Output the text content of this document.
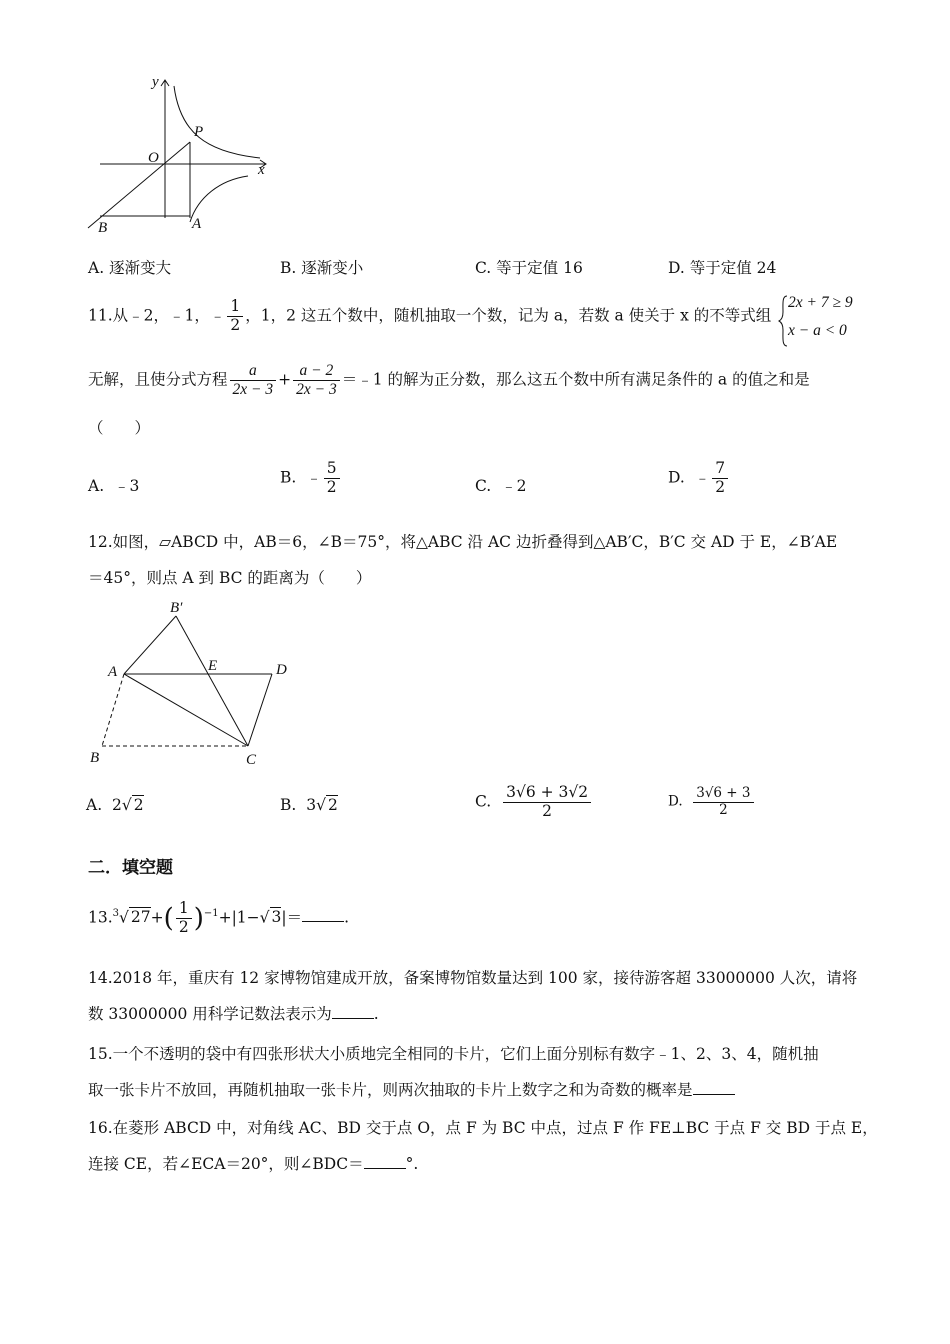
y
x
O
P
A
B
A. 逐渐变大	B. 逐渐变小	C. 等于定值 16	D. 等于定值 24
11.从﹣2，﹣1，﹣ $\frac{1}{2}$ ，1，2 这五个数中，随机抽取一个数，记为 a，若数 a 使关于 x 的不等式组
2x + 7 ≥ 9
x − a < 0
无解，且使分式方程 $\frac{a}{2x - 3} + \frac{a - 2}{2x - 3}$ ＝﹣1 的解为正分数，那么这五个数中所有满足条件的 a 的值之和是
（　　）
A. ﹣3	B. ﹣ $\frac{5}{2}$	C. ﹣2	D. ﹣ $\frac{7}{2}$
12.如图，▱ABCD 中，AB＝6，∠B＝75°，将△ABC 沿 AC 边折叠得到△AB′C，B′C 交 AD 于 E，∠B′AE
＝45°，则点 A 到 BC 的距离为（　　）
B′
A	E	D
B	C
A. 2√ 2	B. 3√ 2	C. $\frac{3√6 + 3√2}{2}$	D. $\frac{3√6 + 3}{2}$
二．填空题
13.$^3$√ $27+( \frac{1}{2} )^{-1}+|1-√$ 3|＝	.
14.2018 年，重庆有 12 家博物馆建成开放，备案博物馆数量达到 100 家，接待游客超 33000000 人次，请将
数 33000000 用科学记数法表示为	.
15.一个不透明的袋中有四张形状大小质地完全相同的卡片，它们上面分别标有数字﹣1、2、3、4，随机抽
取一张卡片不放回，再随机抽取一张卡片，则两次抽取的卡片上数字之和为奇数的概率是
16.在菱形 ABCD 中，对角线 AC、BD 交于点 O，点 F 为 BC 中点，过点 F 作 FE⊥BC 于点 F 交 BD 于点 E，
连接 CE，若∠ECA＝20°，则∠BDC＝	°.
